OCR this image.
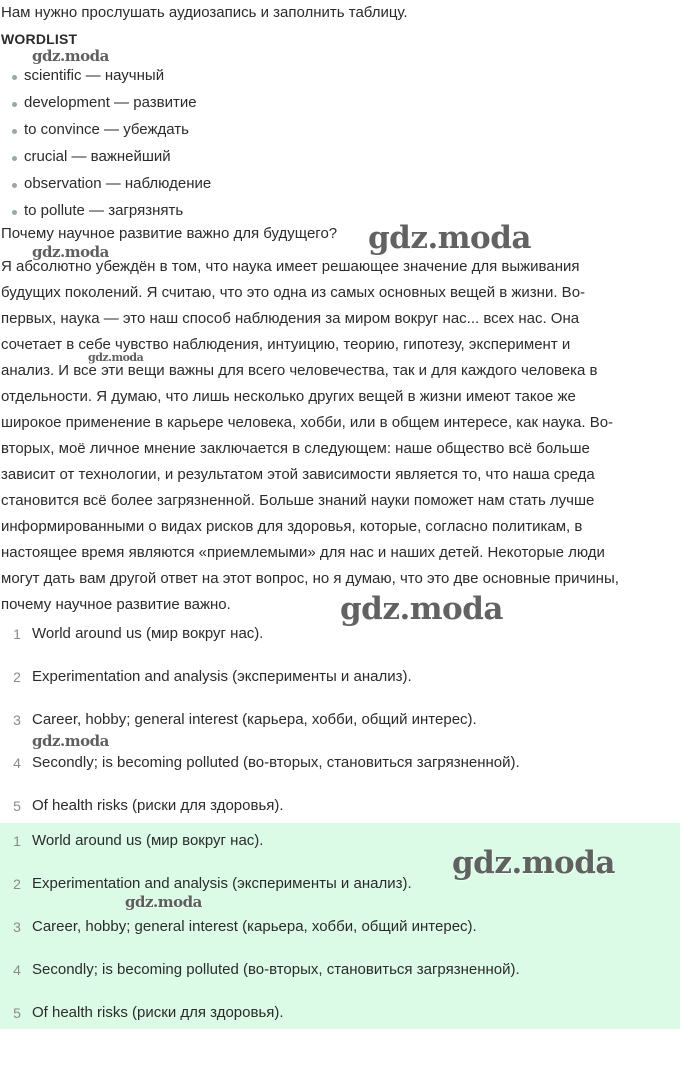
Нам нужно прослушать аудиозапись и заполнить таблицу.
WORDLIST
scientific — научный
development — развитие
to convince — убеждать
crucial — важнейший
observation — наблюдение
to pollute — загрязнять
Почему научное развитие важно для будущего?
Я абсолютно убеждён в том, что наука имеет решающее значение для выживания
будущих поколений. Я считаю, что это одна из самых основных вещей в жизни. Во-
первых, наука — это наш способ наблюдения за миром вокруг нас... всех нас. Она
сочетает в себе чувство наблюдения, интуицию, теорию, гипотезу, эксперимент и
анализ. И все эти вещи важны для всего человечества, так и для каждого человека в
отдельности. Я думаю, что лишь несколько других вещей в жизни имеют такое же
широкое применение в карьере человека, хобби, или в общем интересе, как наука. Во-
вторых, моё личное мнение заключается в следующем: наше общество всё больше
зависит от технологии, и результатом этой зависимости является то, что наша среда
становится всё более загрязненной. Больше знаний науки поможет нам стать лучше
информированными о видах рисков для здоровья, которые, согласно политикам, в
настоящее время являются «приемлемыми» для нас и наших детей. Некоторые люди
могут дать вам другой ответ на этот вопрос, но я думаю, что это две основные причины,
почему научное развитие важно.
1 World around us (мир вокруг нас).
2 Experimentation and analysis (эксперименты и анализ).
3 Career, hobby; general interest (карьера, хобби, общий интерес).
4 Secondly; is becoming polluted (во-вторых, становиться загрязненной).
5 Of health risks (риски для здоровья).
1 World around us (мир вокруг нас).
2 Experimentation and analysis (эксперименты и анализ).
3 Career, hobby; general interest (карьера, хобби, общий интерес).
4 Secondly; is becoming polluted (во-вторых, становиться загрязненной).
5 Of health risks (риски для здоровья).
gdz.moda
gdz.moda
gdz.moda
gdz.moda
gdz.moda
gdz.moda
gdz.moda
gdz.moda
